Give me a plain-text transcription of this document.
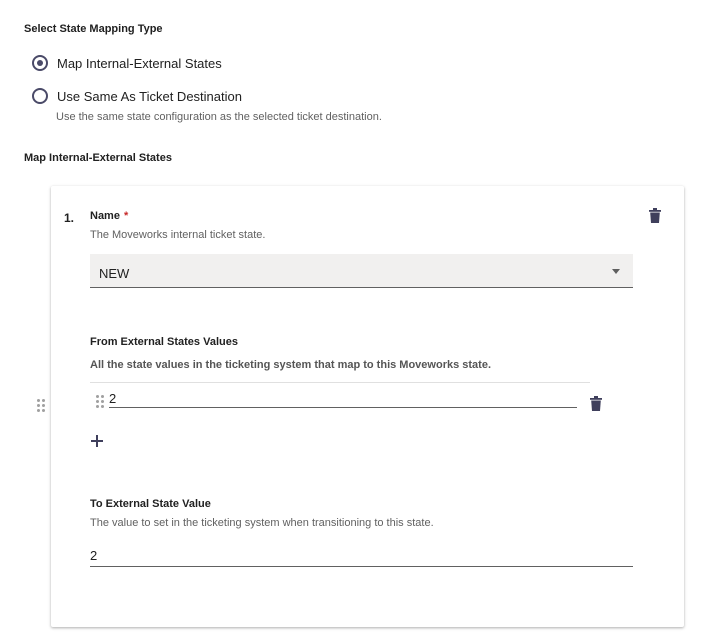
Select State Mapping Type
Map Internal-External States
Use Same As Ticket Destination
Use the same state configuration as the selected ticket destination.
Map Internal-External States
1. Name *
The Moveworks internal ticket state.
NEW
From External States Values
All the state values in the ticketing system that map to this Moveworks state.
2
To External State Value
The value to set in the ticketing system when transitioning to this state.
2
